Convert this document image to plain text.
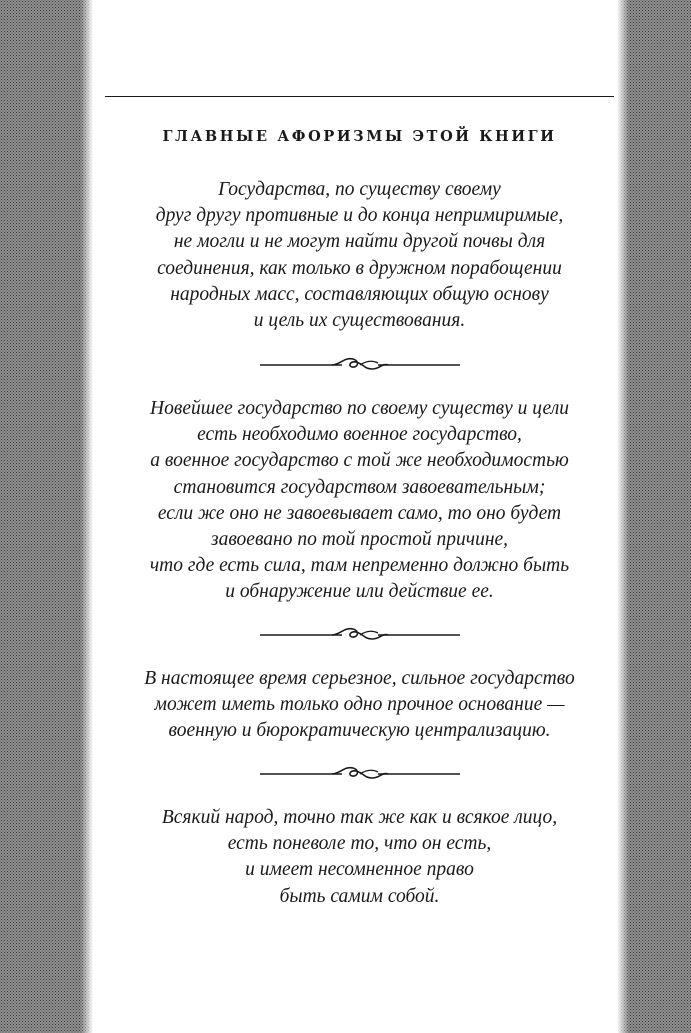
ГЛАВНЫЕ АФОРИЗМЫ ЭТОЙ КНИГИ
Государства, по существу своему
друг другу противные и до конца непримиримые,
не могли и не могут найти другой почвы для
соединения, как только в дружном порабощении
народных масс, составляющих общую основу
и цель их существования.
Новейшее государство по своему существу и цели
есть необходимо военное государство,
а военное государство с той же необходимостью
становится государством завоевательным;
если же оно не завоевывает само, то оно будет
завоевано по той простой причине,
что где есть сила, там непременно должно быть
и обнаружение или действие ее.
В настоящее время серьезное, сильное государство
может иметь только одно прочное основание —
военную и бюрократическую централизацию.
Всякий народ, точно так же как и всякое лицо,
есть поневоле то, что он есть,
и имеет несомненное право
быть самим собой.
